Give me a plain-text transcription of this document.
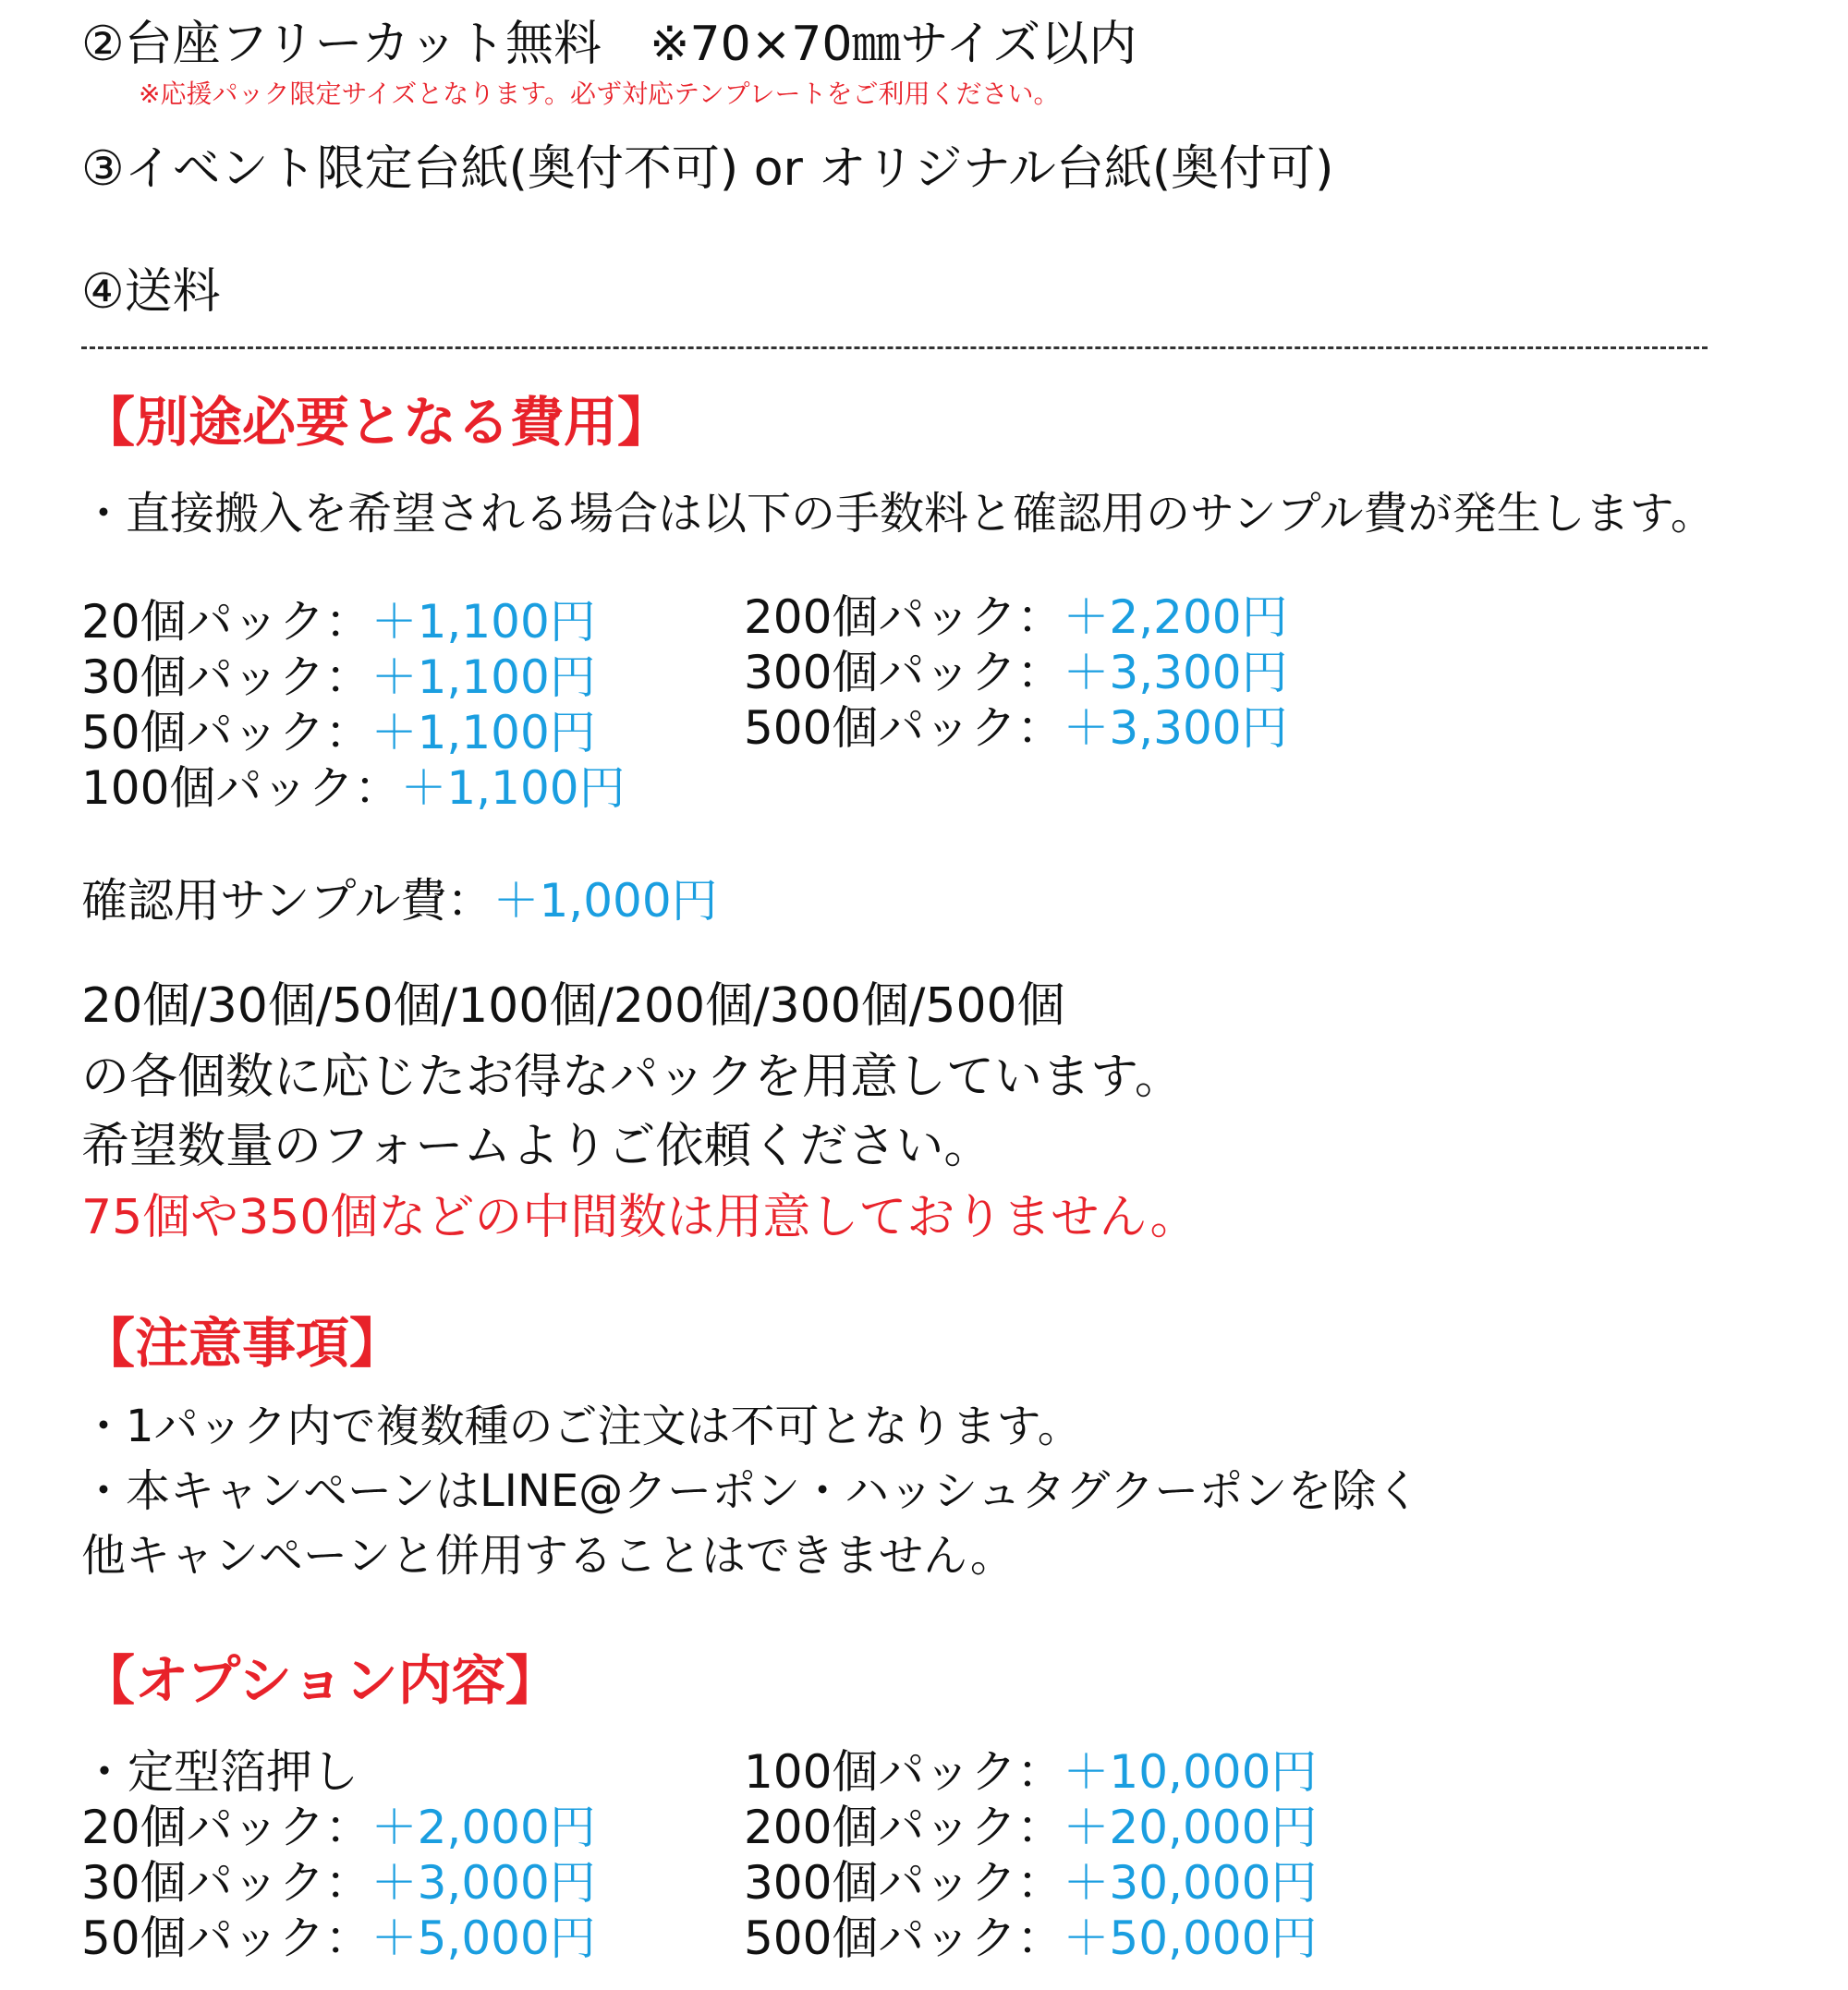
②台座フリーカット無料　※70×70㎜サイズ以内
※応援パック限定サイズとなります。必ず対応テンプレートをご利用ください。
③イベント限定台紙(奥付不可) or オリジナル台紙(奥付可)
④送料
【別途必要となる費用】
・直接搬入を希望される場合は以下の手数料と確認用のサンプル費が発生します。
20個パック：＋1,100円
30個パック：＋1,100円
50個パック：＋1,100円
100個パック：＋1,100円
200個パック：＋2,200円
300個パック：＋3,300円
500個パック：＋3,300円
確認用サンプル費：＋1,000円
20個/30個/50個/100個/200個/300個/500個
の各個数に応じたお得なパックを用意しています。
希望数量のフォームよりご依頼ください。
75個や350個などの中間数は用意しておりません。
【注意事項】
・1パック内で複数種のご注文は不可となります。
・本キャンペーンはLINE@クーポン・ハッシュタグクーポンを除く
他キャンペーンと併用することはできません。
【オプション内容】
・定型箔押し
20個パック：＋2,000円
30個パック：＋3,000円
50個パック：＋5,000円
100個パック：＋10,000円
200個パック：＋20,000円
300個パック：＋30,000円
500個パック：＋50,000円
